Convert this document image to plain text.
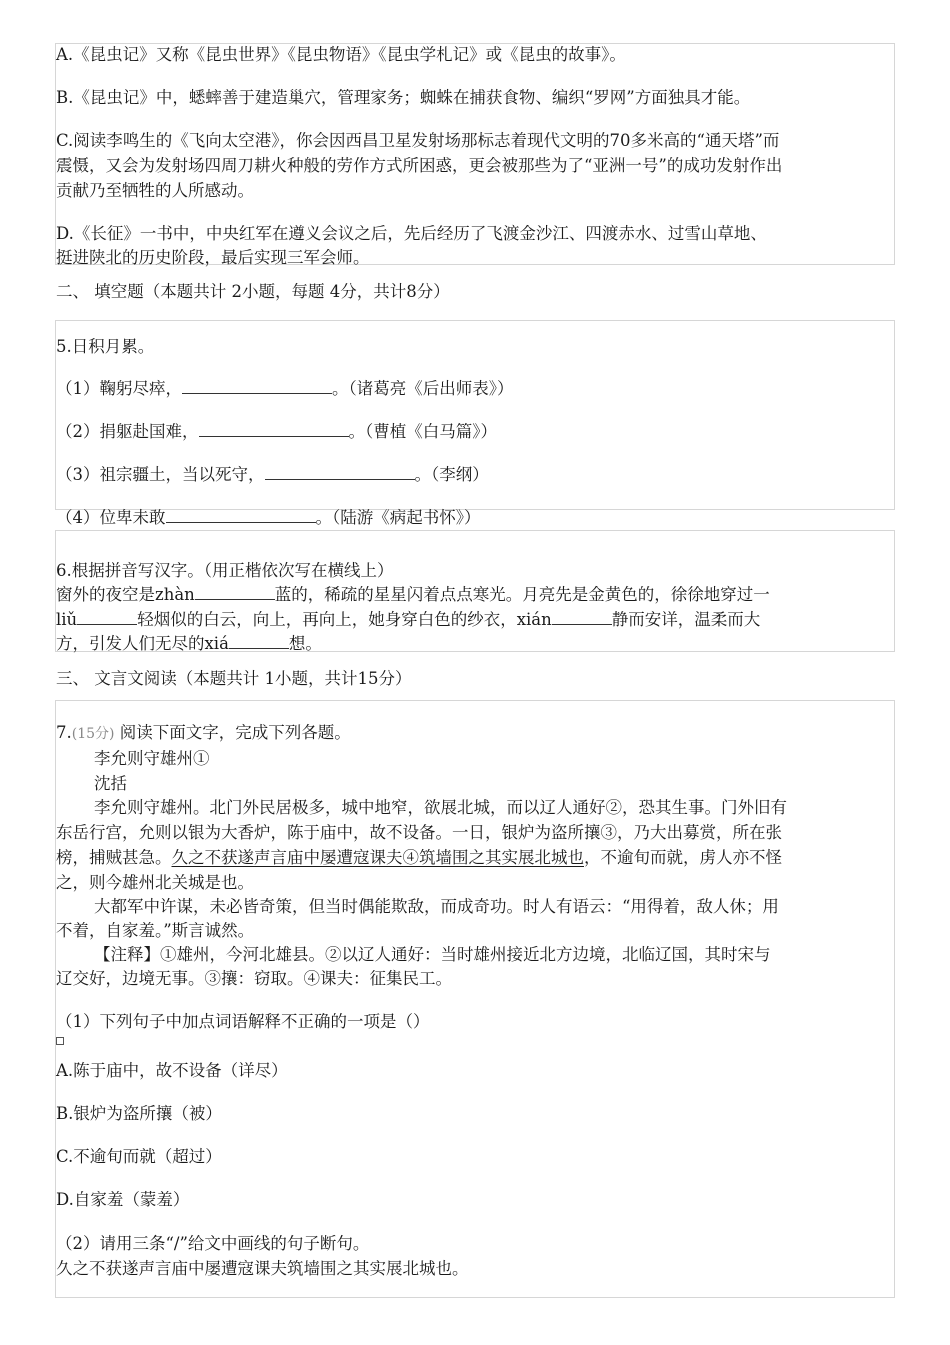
A.《昆虫记》又称《昆虫世界》《昆虫物语》《昆虫学札记》或《昆虫的故事》。
B.《昆虫记》中，蟋蟀善于建造巢穴，管理家务；蜘蛛在捕获食物、编织“罗网”方面独具才能。
C.阅读李鸣生的《飞向太空港》，你会因西昌卫星发射场那标志着现代文明的70多米高的“通天塔”而
震慑，又会为发射场四周刀耕火种般的劳作方式所困惑，更会被那些为了“亚洲一号”的成功发射作出
贡献乃至牺牲的人所感动。
D.《长征》一书中，中央红军在遵义会议之后，先后经历了飞渡金沙江、四渡赤水、过雪山草地、
挺进陕北的历史阶段，最后实现三军会师。
二、 填空题（本题共计 2小题，每题 4分，共计8分）
5.日积月累。
（1）鞠躬尽瘁，	。（诸葛亮《后出师表》）
（2）捐躯赴国难，	。（曹植《白马篇》）
（3）祖宗疆土，当以死守，	。（李纲）
（4）位卑未敢	。（陆游《病起书怀》）
6.根据拼音写汉字。（用正楷依次写在横线上）
窗外的夜空是zhàn	蓝的，稀疏的星星闪着点点寒光。月亮先是金黄色的，徐徐地穿过一
liǔ	轻烟似的白云，向上，再向上，她身穿白色的纱衣，xián	静而安详，温柔而大
方，引发人们无尽的xiá	想。
三、 文言文阅读（本题共计 1小题，共计15分）
7.(15分) 阅读下面文字，完成下列各题。
李允则守雄州①
沈括
李允则守雄州。北门外民居极多，城中地窄，欲展北城，而以辽人通好②，恐其生事。门外旧有
东岳行宫，允则以银为大香炉，陈于庙中，故不设备。一日，银炉为盗所攘③，乃大出募赏，所在张
榜，捕贼甚急。久之不获遂声言庙中屡遭寇课夫④筑墙围之其实展北城也，不逾旬而就，虏人亦不怪
之，则今雄州北关城是也。
大都军中许谋，未必皆奇策，但当时偶能欺敌，而成奇功。时人有语云：“用得着，敌人休；用
不着，自家羞。”斯言诚然。
【注释】①雄州，今河北雄县。②以辽人通好：当时雄州接近北方边境，北临辽国，其时宋与
辽交好，边境无事。③攘：窃取。④课夫：征集民工。
（1）下列句子中加点词语解释不正确的一项是（）
A.陈于庙中，故不设备（详尽）
B.银炉为盗所攘（被）
C.不逾旬而就（超过）
D.自家羞（蒙羞）
（2）请用三条“/”给文中画线的句子断句。
久之不获遂声言庙中屡遭寇课夫筑墙围之其实展北城也。
